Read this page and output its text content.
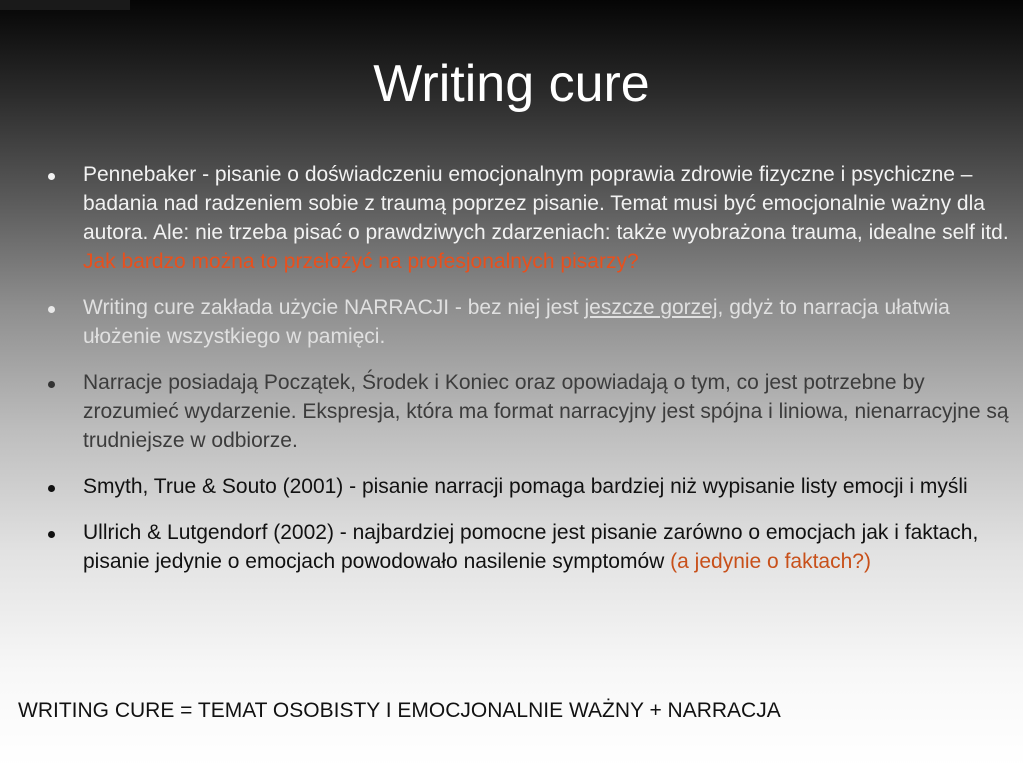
Writing cure
Pennebaker - pisanie o doświadczeniu emocjonalnym poprawia zdrowie fizyczne i psychiczne – badania nad radzeniem sobie z traumą poprzez pisanie. Temat musi być emocjonalnie ważny dla autora. Ale: nie trzeba pisać o prawdziwych zdarzeniach: także wyobrażona trauma, idealne self itd. Jak bardzo można to przełożyć na profesjonalnych pisarzy?
Writing cure zakłada użycie NARRACJI - bez niej jest jeszcze gorzej, gdyż to narracja ułatwia ułożenie wszystkiego w pamięci.
Narracje posiadają Początek, Środek i Koniec oraz opowiadają o tym, co jest potrzebne by zrozumieć wydarzenie. Ekspresja, która ma format narracyjny jest spójna i liniowa, nienarracyjne są trudniejsze w odbiorze.
Smyth, True & Souto (2001) - pisanie narracji pomaga bardziej niż wypisanie listy emocji i myśli
Ullrich & Lutgendorf (2002) - najbardziej pomocne jest pisanie zarówno o emocjach jak i faktach, pisanie jedynie o emocjach powodowało nasilenie symptomów (a jedynie o faktach?)
WRITING CURE = TEMAT OSOBISTY I EMOCJONALNIE WAŻNY + NARRACJA
